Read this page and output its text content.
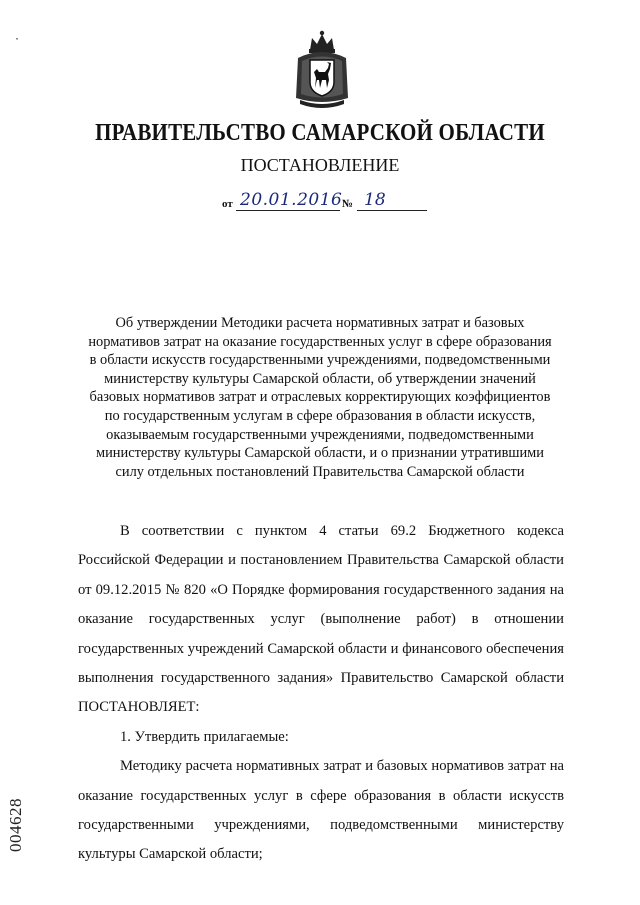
·
ПРАВИТЕЛЬСТВО САМАРСКОЙ ОБЛАСТИ
ПОСТАНОВЛЕНИЕ
от 20.01.2016 № 18
Об утверждении Методики расчета нормативных затрат и базовых
нормативов затрат на оказание государственных услуг в сфере образования
в области искусств государственными учреждениями, подведомственными
министерству культуры Самарской области, об утверждении значений
базовых нормативов затрат и отраслевых корректирующих коэффициентов
по государственным услугам в сфере образования в области искусств,
оказываемым государственными учреждениями, подведомственными
министерству культуры Самарской области, и о признании утратившими
силу отдельных постановлений Правительства Самарской области

В соответствии с пунктом 4 статьи 69.2 Бюджетного кодекса Российской Федерации и постановлением Правительства Самарской области от 09.12.2015 № 820 «О Порядке формирования государственного задания на оказание государственных услуг (выполнение работ) в отношении государственных учреждений Самарской области и финансового обеспечения выполнения государственного задания» Правительство Самарской области ПОСТАНОВЛЯЕТ:

1. Утвердить прилагаемые:

Методику расчета нормативных затрат и базовых нормативов затрат на оказание государственных услуг в сфере образования в области искусств государственными учреждениями, подведомственными министерству культуры Самарской области;

004628
